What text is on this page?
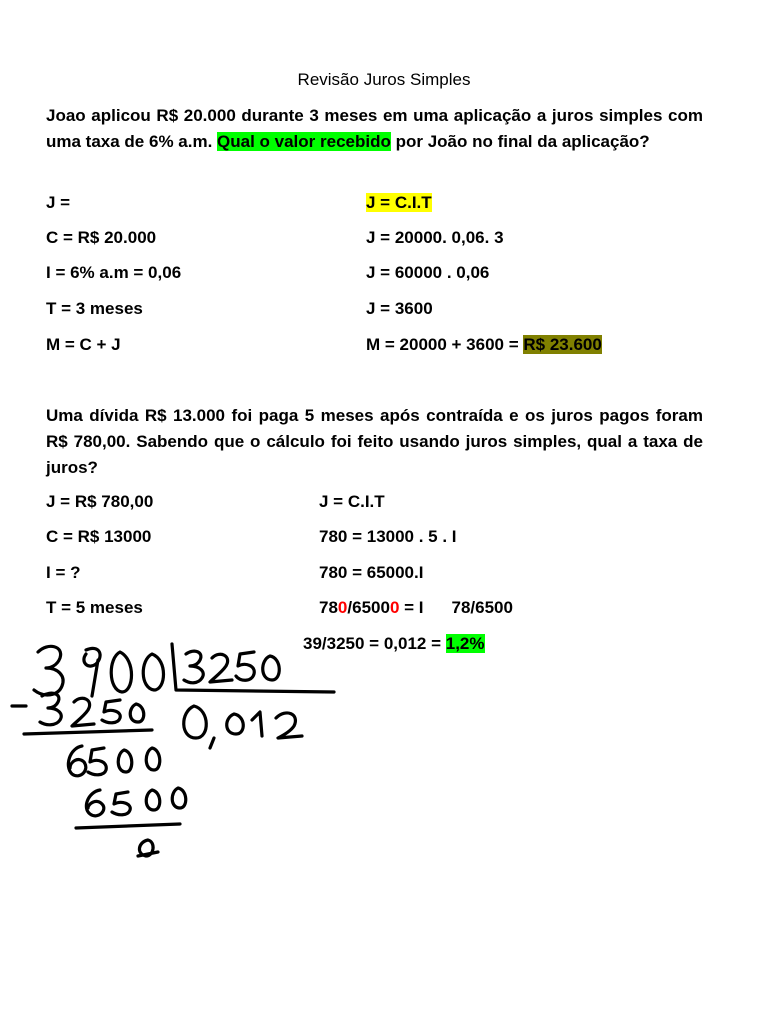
Revisão Juros Simples
Joao aplicou R$ 20.000 durante 3 meses em uma aplicação a juros simples com uma taxa de 6% a.m. Qual o valor recebido por João no final da aplicação?
J =
C = R$ 20.000
I = 6% a.m = 0,06
T = 3 meses
M = C + J
J = C.I.T
J = 20000. 0,06. 3
J = 60000 . 0,06
J = 3600
M = 20000 + 3600 = R$ 23.600
Uma dívida R$ 13.000 foi paga 5 meses após contraída e os juros pagos foram R$ 780,00. Sabendo que o cálculo foi feito usando juros simples, qual a taxa de juros?
J = R$ 780,00
C = R$ 13000
I = ?
T = 5 meses
J = C.I.T
780 = 13000 . 5 . I
780 = 65000.I
780/65000 = I 78/6500
39/3250 = 0,012 = 1,2%
